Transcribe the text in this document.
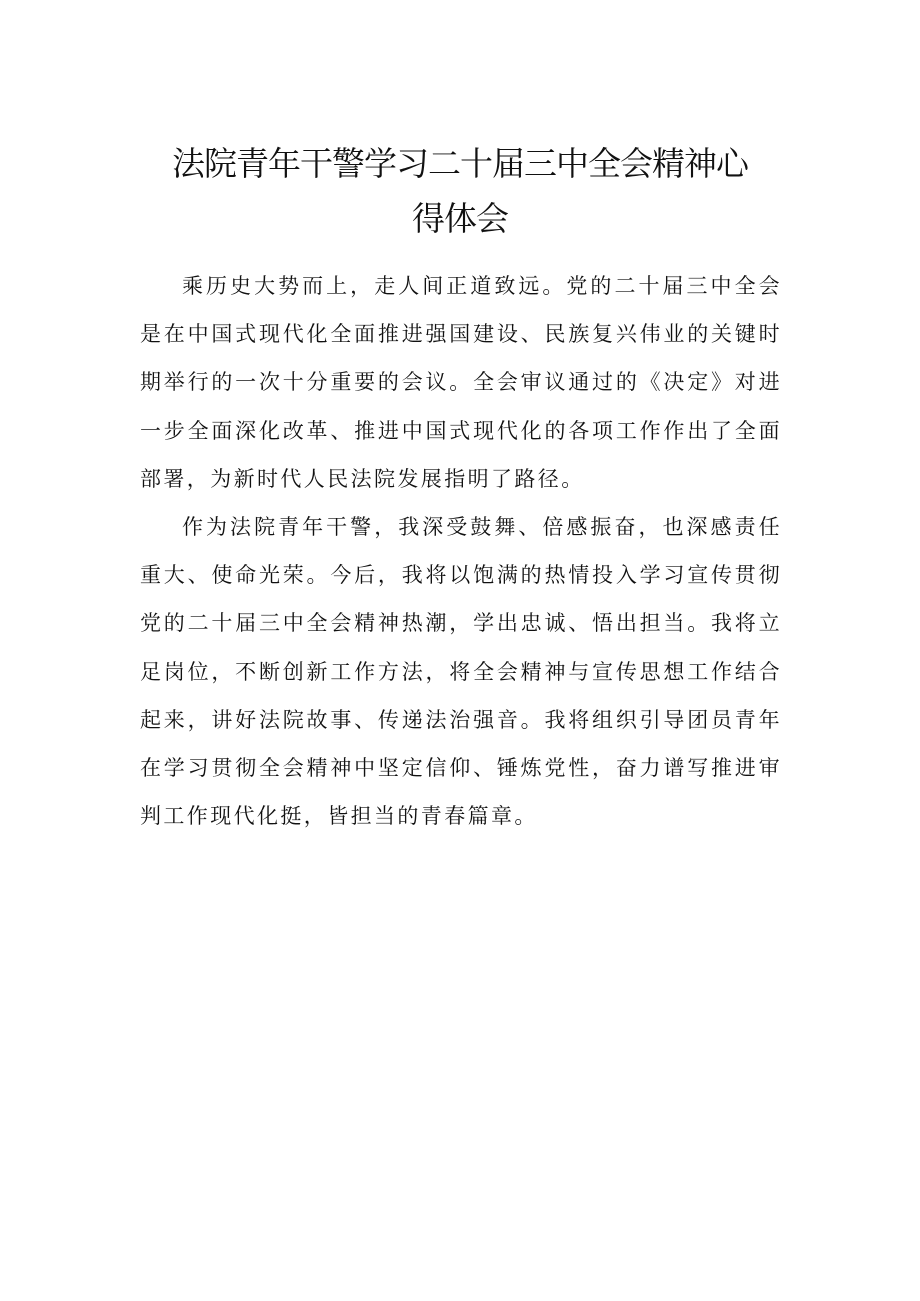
法院青年干警学习二十届三中全会精神心
得体会

乘历史大势而上，走人间正道致远。党的二十届三中全会是在中国式现代化全面推进强国建设、民族复兴伟业的关键时期举行的一次十分重要的会议。全会审议通过的《决定》对进一步全面深化改革、推进中国式现代化的各项工作作出了全面部署，为新时代人民法院发展指明了路径。

作为法院青年干警，我深受鼓舞、倍感振奋，也深感责任重大、使命光荣。今后，我将以饱满的热情投入学习宣传贯彻党的二十届三中全会精神热潮，学出忠诚、悟出担当。我将立足岗位，不断创新工作方法，将全会精神与宣传思想工作结合起来，讲好法院故事、传递法治强音。我将组织引导团员青年在学习贯彻全会精神中坚定信仰、锤炼党性，奋力谱写推进审判工作现代化挺，皆担当的青春篇章。
